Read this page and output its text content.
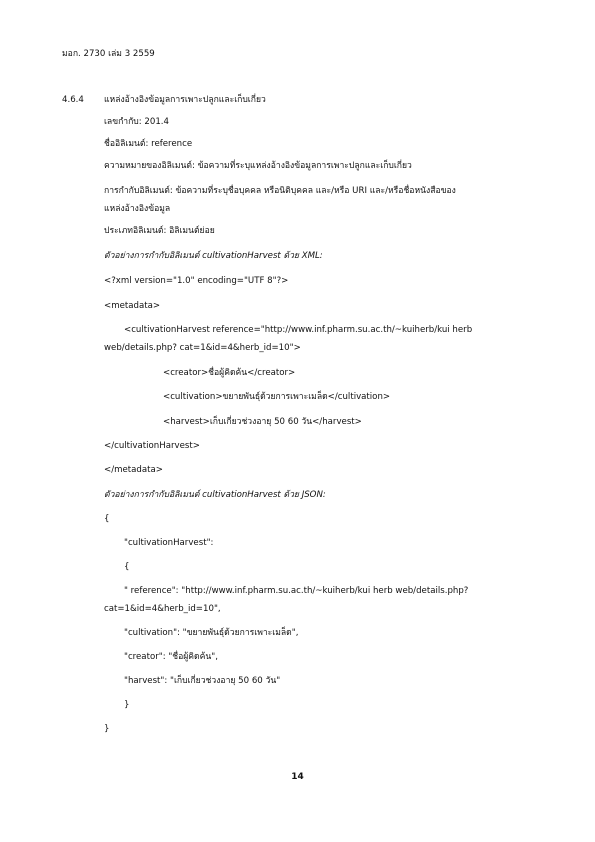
มอก. 2730 เล่ม 3 2559
4.6.4 แหล่งอ้างอิงข้อมูลการเพาะปลูกและเก็บเกี่ยว
เลขกำกับ: 201.4
ชื่ออิลิเมนต์: reference
ความหมายของอิลิเมนต์: ข้อความที่ระบุแหล่งอ้างอิงข้อมูลการเพาะปลูกและเก็บเกี่ยว
การกำกับอิลิเมนต์: ข้อความที่ระบุชื่อบุคคล หรือนิติบุคคล และ/หรือ URI และ/หรือชื่อหนังสือของ
แหล่งอ้างอิงข้อมูล
ประเภทอิลิเมนต์: อิลิเมนต์ย่อย
ตัวอย่างการกำกับอิลิเมนต์ cultivationHarvest ด้วย XML:
<?xml version="1.0" encoding="UTF 8"?>
<metadata>
<cultivationHarvest reference="http://www.inf.pharm.su.ac.th/~kuiherb/kui herb
web/details.php? cat=1&id=4&herb_id=10">
<creator>ชื่อผู้คิดค้น</creator>
<cultivation>ขยายพันธุ์ด้วยการเพาะเมล็ด</cultivation>
<harvest>เก็บเกี่ยวช่วงอายุ 50 60 วัน</harvest>
</cultivationHarvest>
</metadata>
ตัวอย่างการกำกับอิลิเมนต์ cultivationHarvest ด้วย JSON:
{
"cultivationHarvest":
{
" reference": "http://www.inf.pharm.su.ac.th/~kuiherb/kui herb web/details.php?
cat=1&id=4&herb_id=10",
"cultivation": "ขยายพันธุ์ด้วยการเพาะเมล็ด",
"creator": "ชื่อผู้คิดค้น",
"harvest": "เก็บเกี่ยวช่วงอายุ 50 60 วัน"
}
}
14
